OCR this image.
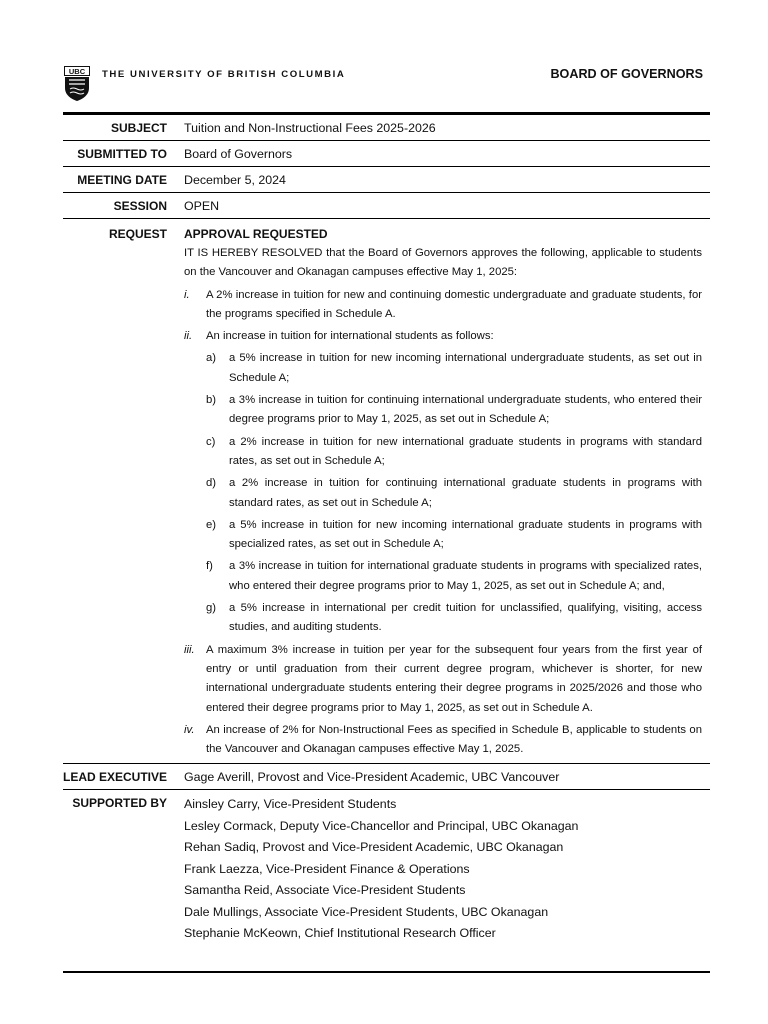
UBC THE UNIVERSITY OF BRITISH COLUMBIA	BOARD OF GOVERNORS
SUBJECT	Tuition and Non-Instructional Fees 2025-2026
SUBMITTED TO	Board of Governors
MEETING DATE	December 5, 2024
SESSION	OPEN
REQUEST	APPROVAL REQUESTED
IT IS HEREBY RESOLVED that the Board of Governors approves the following, applicable to students on the Vancouver and Okanagan campuses effective May 1, 2025:
i.	A 2% increase in tuition for new and continuing domestic undergraduate and graduate students, for the programs specified in Schedule A.
ii.	An increase in tuition for international students as follows:
a)	a 5% increase in tuition for new incoming international undergraduate students, as set out in Schedule A;
b)	a 3% increase in tuition for continuing international undergraduate students, who entered their degree programs prior to May 1, 2025, as set out in Schedule A;
c)	a 2% increase in tuition for new international graduate students in programs with standard rates, as set out in Schedule A;
d)	a 2% increase in tuition for continuing international graduate students in programs with standard rates, as set out in Schedule A;
e)	a 5% increase in tuition for new incoming international graduate students in programs with specialized rates, as set out in Schedule A;
f)	a 3% increase in tuition for international graduate students in programs with specialized rates, who entered their degree programs prior to May 1, 2025, as set out in Schedule A; and,
g)	a 5% increase in international per credit tuition for unclassified, qualifying, visiting, access studies, and auditing students.
iii.	A maximum 3% increase in tuition per year for the subsequent four years from the first year of entry or until graduation from their current degree program, whichever is shorter, for new international undergraduate students entering their degree programs in 2025/2026 and those who entered their degree programs prior to May 1, 2025, as set out in Schedule A.
iv.	An increase of 2% for Non-Instructional Fees as specified in Schedule B, applicable to students on the Vancouver and Okanagan campuses effective May 1, 2025.
LEAD EXECUTIVE	Gage Averill, Provost and Vice-President Academic, UBC Vancouver
SUPPORTED BY	Ainsley Carry, Vice-President Students
Lesley Cormack, Deputy Vice-Chancellor and Principal, UBC Okanagan
Rehan Sadiq, Provost and Vice-President Academic, UBC Okanagan
Frank Laezza, Vice-President Finance & Operations
Samantha Reid, Associate Vice-President Students
Dale Mullings, Associate Vice-President Students, UBC Okanagan
Stephanie McKeown, Chief Institutional Research Officer
